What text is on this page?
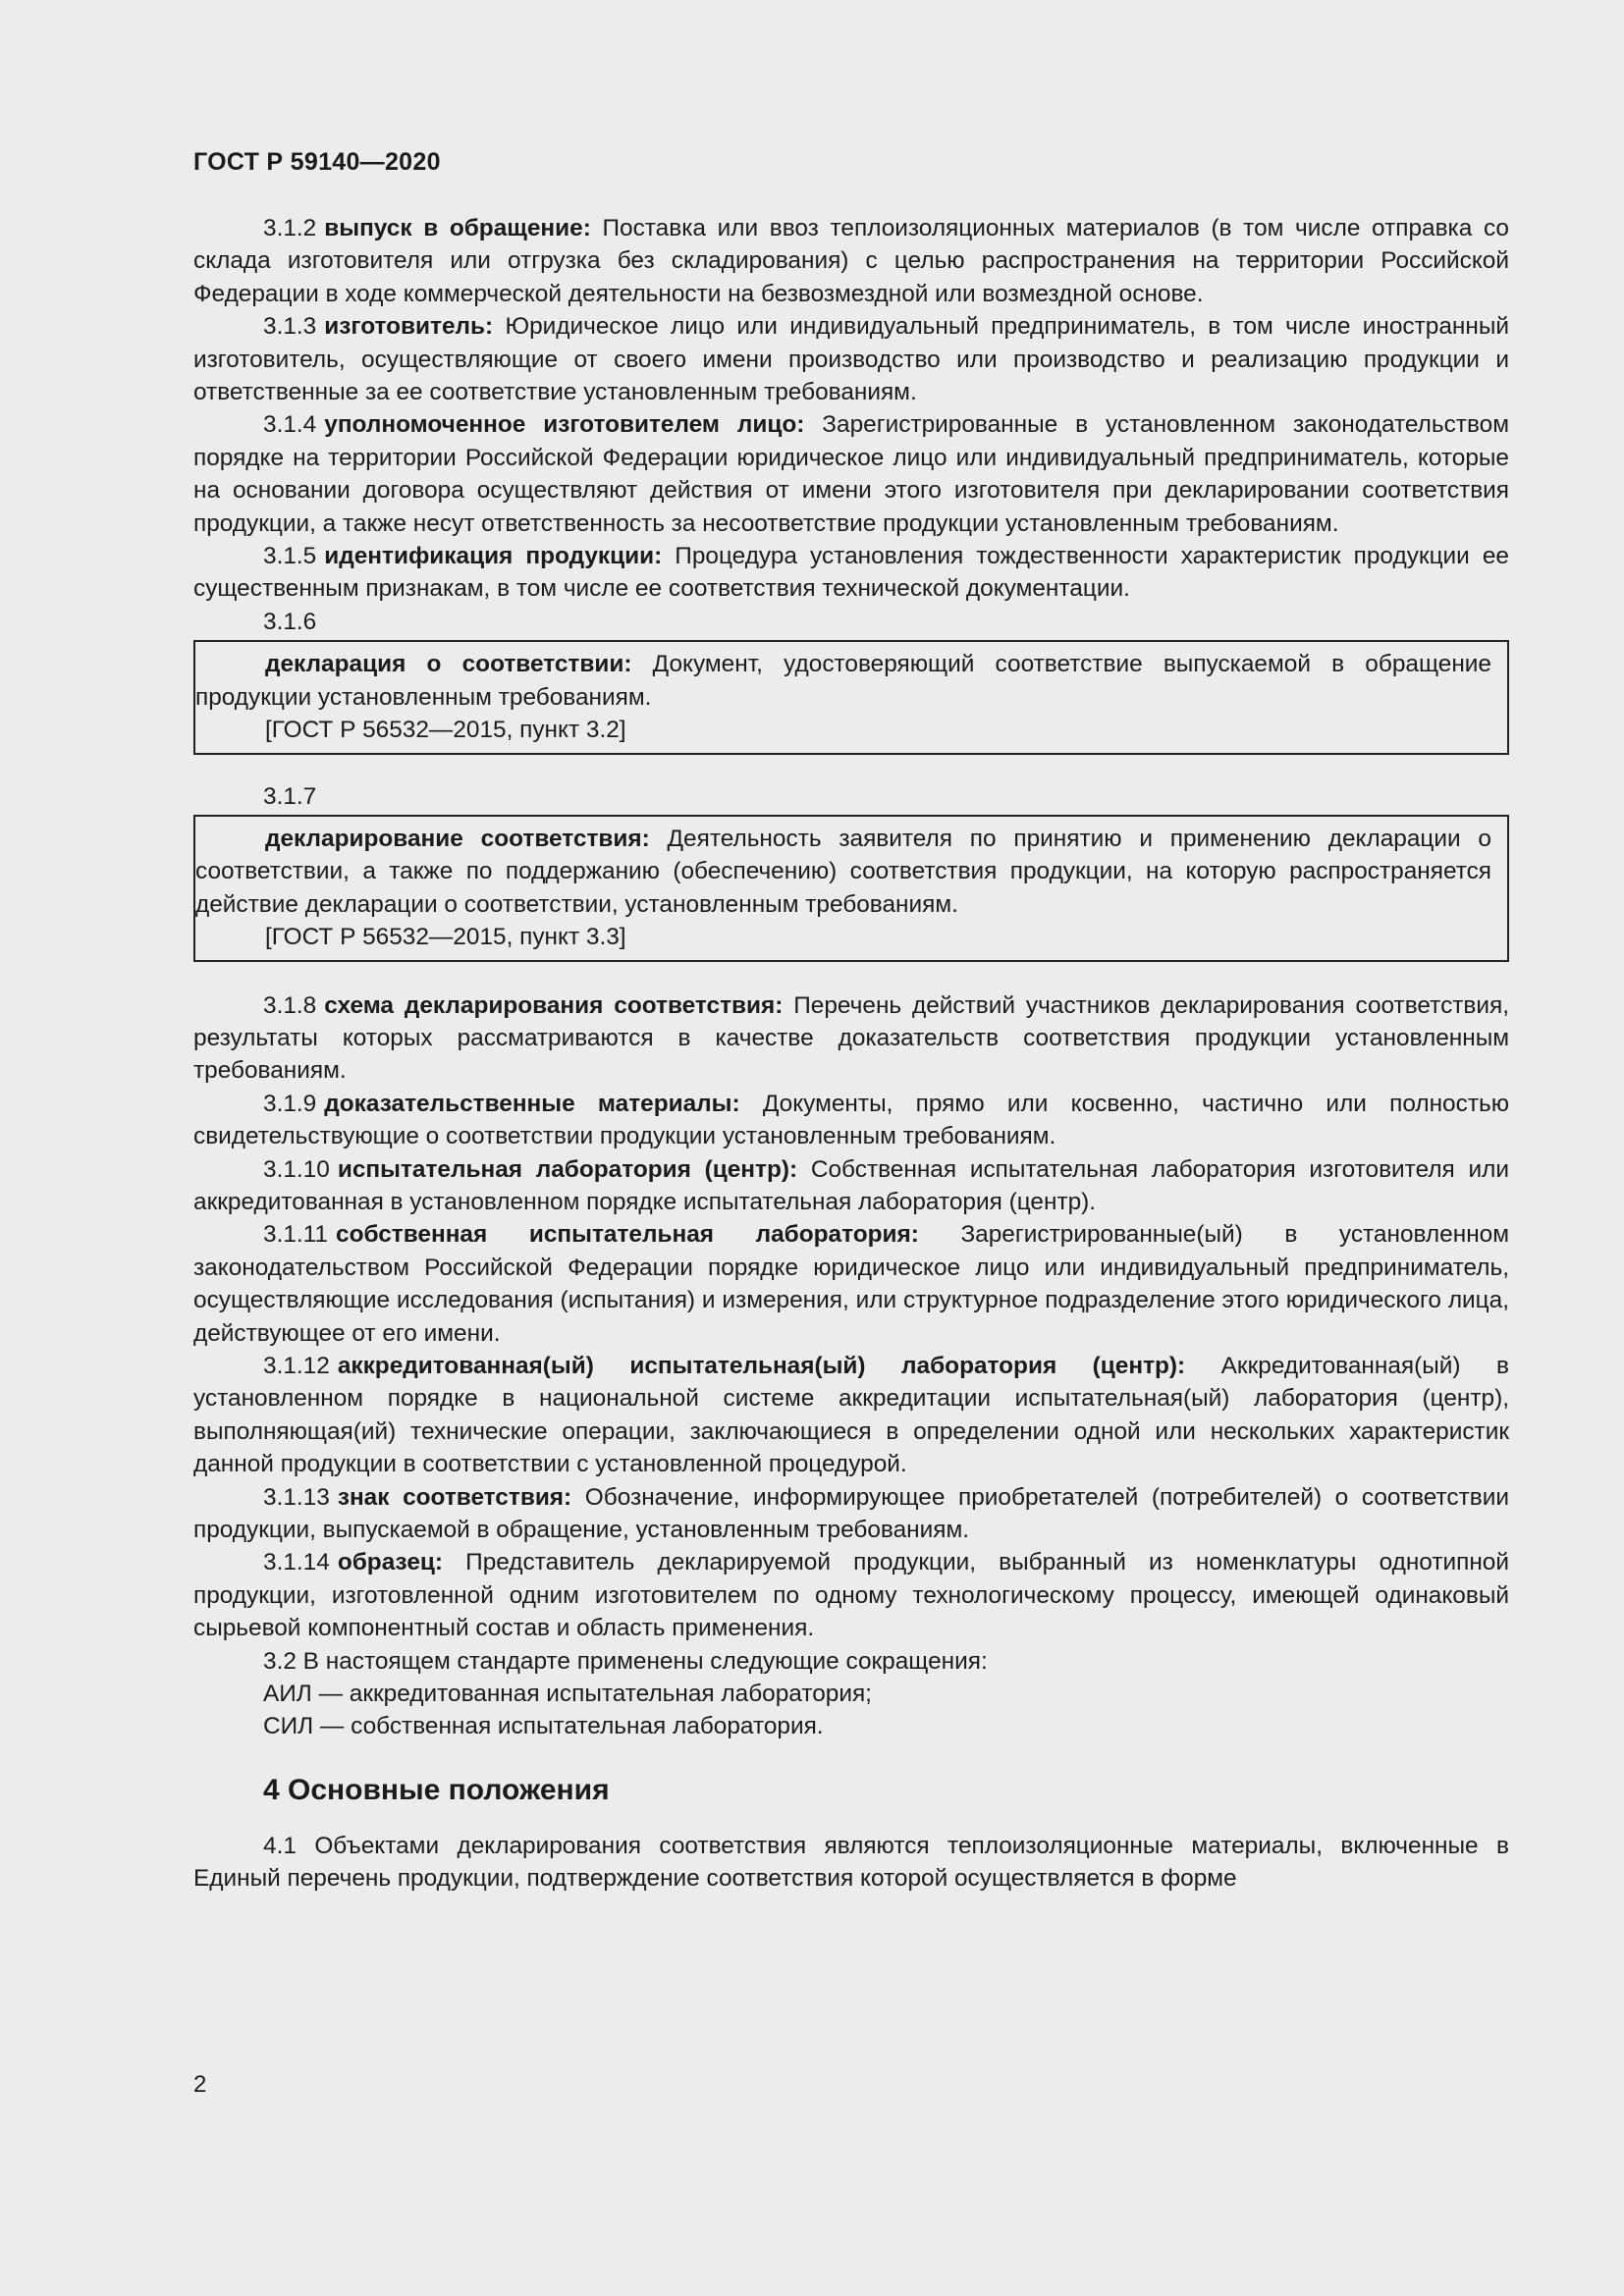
ГОСТ Р 59140—2020

3.1.2 выпуск в обращение: Поставка или ввоз теплоизоляционных материалов (в том числе отправка со склада изготовителя или отгрузка без складирования) с целью распространения на территории Российской Федерации в ходе коммерческой деятельности на безвозмездной или возмездной основе.

3.1.3 изготовитель: Юридическое лицо или индивидуальный предприниматель, в том числе иностранный изготовитель, осуществляющие от своего имени производство или производство и реализацию продукции и ответственные за ее соответствие установленным требованиям.

3.1.4 уполномоченное изготовителем лицо: Зарегистрированные в установленном законодательством порядке на территории Российской Федерации юридическое лицо или индивидуальный предприниматель, которые на основании договора осуществляют действия от имени этого изготовителя при декларировании соответствия продукции, а также несут ответственность за несоответствие продукции установленным требованиям.

3.1.5 идентификация продукции: Процедура установления тождественности характеристик продукции ее существенным признакам, в том числе ее соответствия технической документации.

3.1.6

декларация о соответствии: Документ, удостоверяющий соответствие выпускаемой в обращение продукции установленным требованиям.

[ГОСТ Р 56532—2015, пункт 3.2]

3.1.7

декларирование соответствия: Деятельность заявителя по принятию и применению декларации о соответствии, а также по поддержанию (обеспечению) соответствия продукции, на которую распространяется действие декларации о соответствии, установленным требованиям.

[ГОСТ Р 56532—2015, пункт 3.3]

3.1.8 схема декларирования соответствия: Перечень действий участников декларирования соответствия, результаты которых рассматриваются в качестве доказательств соответствия продукции установленным требованиям.

3.1.9 доказательственные материалы: Документы, прямо или косвенно, частично или полностью свидетельствующие о соответствии продукции установленным требованиям.

3.1.10 испытательная лаборатория (центр): Собственная испытательная лаборатория изготовителя или аккредитованная в установленном порядке испытательная лаборатория (центр).

3.1.11 собственная испытательная лаборатория: Зарегистрированные(ый) в установленном законодательством Российской Федерации порядке юридическое лицо или индивидуальный предприниматель, осуществляющие исследования (испытания) и измерения, или структурное подразделение этого юридического лица, действующее от его имени.

3.1.12 аккредитованная(ый) испытательная(ый) лаборатория (центр): Аккредитованная(ый) в установленном порядке в национальной системе аккредитации испытательная(ый) лаборатория (центр), выполняющая(ий) технические операции, заключающиеся в определении одной или нескольких характеристик данной продукции в соответствии с установленной процедурой.

3.1.13 знак соответствия: Обозначение, информирующее приобретателей (потребителей) о соответствии продукции, выпускаемой в обращение, установленным требованиям.

3.1.14 образец: Представитель декларируемой продукции, выбранный из номенклатуры однотипной продукции, изготовленной одним изготовителем по одному технологическому процессу, имеющей одинаковый сырьевой компонентный состав и область применения.

3.2 В настоящем стандарте применены следующие сокращения:

АИЛ — аккредитованная испытательная лаборатория;

СИЛ — собственная испытательная лаборатория.

4 Основные положения

4.1 Объектами декларирования соответствия являются теплоизоляционные материалы, включенные в Единый перечень продукции, подтверждение соответствия которой осуществляется в форме

2
